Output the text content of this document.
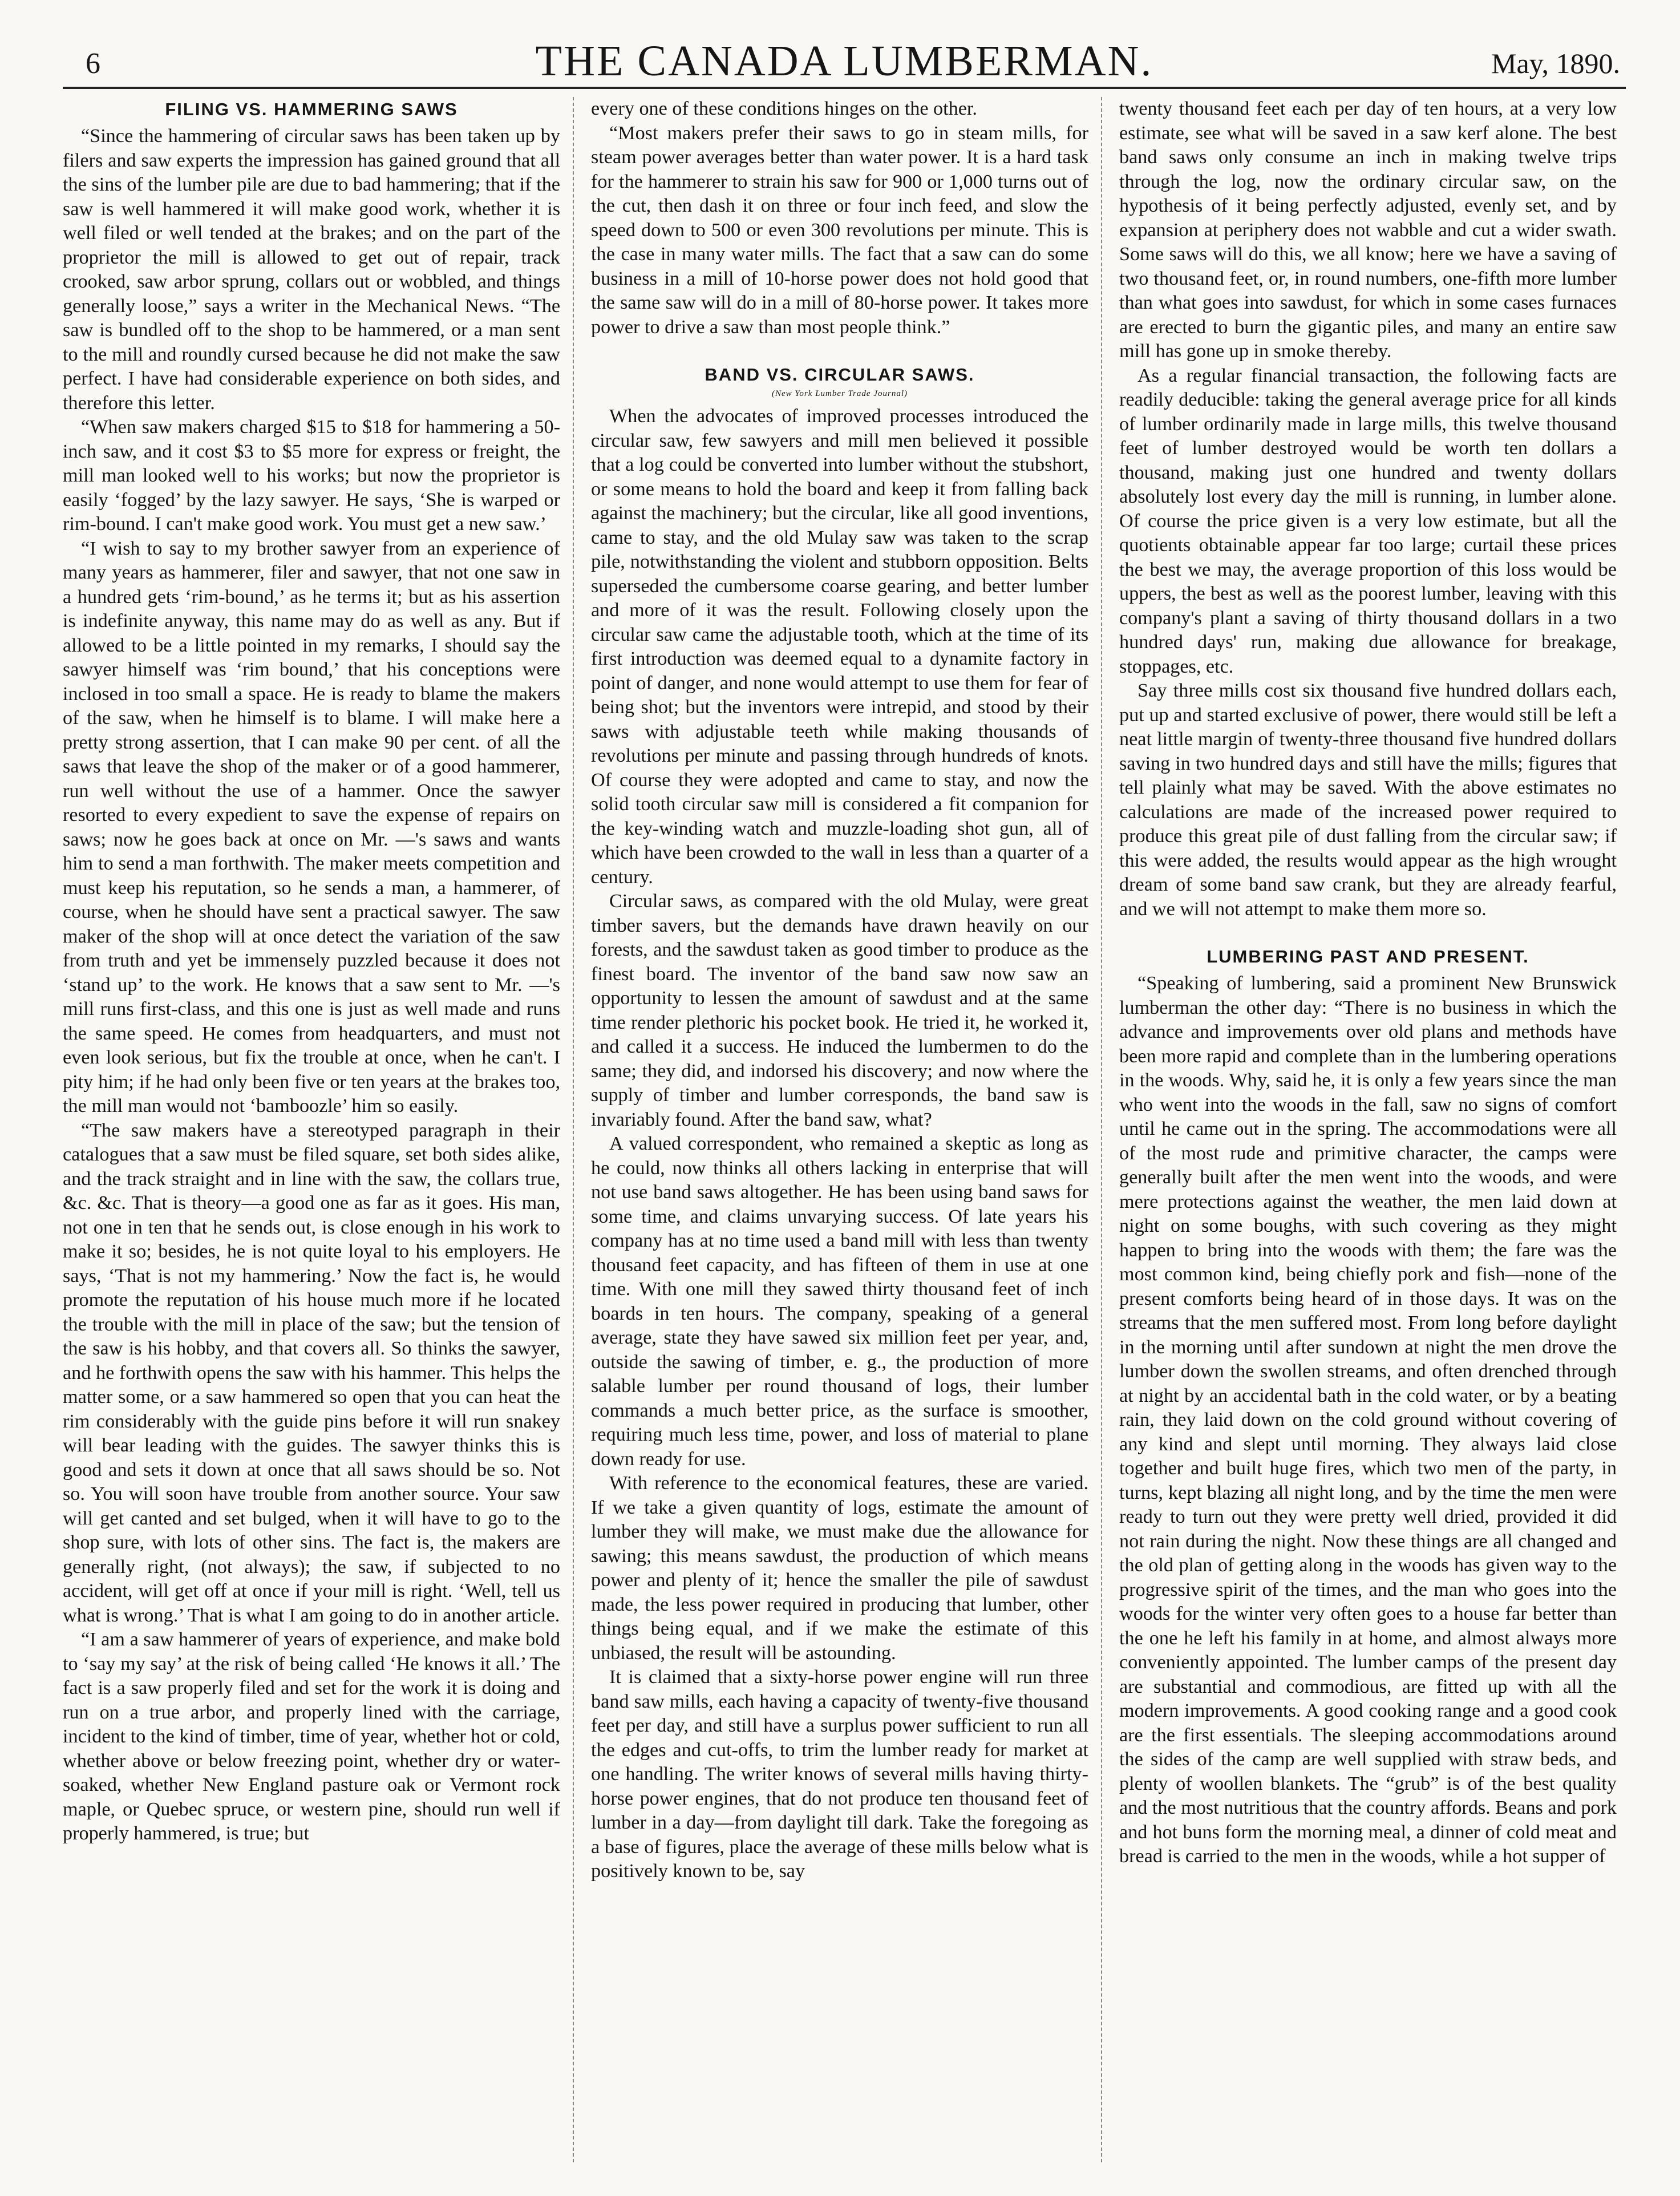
6	THE CANADA LUMBERMAN.	May, 1890.
FILING VS. HAMMERING SAWS

“Since the hammering of circular saws has been taken up by filers and saw experts the impression has gained ground that all the sins of the lumber pile are due to bad hammering; that if the saw is well hammered it will make good work, whether it is well filed or well tended at the brakes; and on the part of the proprietor the mill is allowed to get out of repair, track crooked, saw arbor sprung, collars out or wobbled, and things generally loose,” says a writer in the Mechanical News. “The saw is bundled off to the shop to be hammered, or a man sent to the mill and roundly cursed because he did not make the saw perfect. I have had considerable experience on both sides, and therefore this letter.

“When saw makers charged $15 to $18 for hammering a 50-inch saw, and it cost $3 to $5 more for express or freight, the mill man looked well to his works; but now the proprietor is easily ‘fogged’ by the lazy sawyer. He says, ‘She is warped or rim-bound. I can't make good work. You must get a new saw.’

“I wish to say to my brother sawyer from an experience of many years as hammerer, filer and sawyer, that not one saw in a hundred gets ‘rim-bound,’ as he terms it; but as his assertion is indefinite anyway, this name may do as well as any. But if allowed to be a little pointed in my remarks, I should say the sawyer himself was ‘rim bound,’ that his conceptions were inclosed in too small a space. He is ready to blame the makers of the saw, when he himself is to blame. I will make here a pretty strong assertion, that I can make 90 per cent. of all the saws that leave the shop of the maker or of a good hammerer, run well without the use of a hammer. Once the sawyer resorted to every expedient to save the expense of repairs on saws; now he goes back at once on Mr. —'s saws and wants him to send a man forthwith. The maker meets competition and must keep his reputation, so he sends a man, a hammerer, of course, when he should have sent a practical sawyer. The saw maker of the shop will at once detect the variation of the saw from truth and yet be immensely puzzled because it does not ‘stand up’ to the work. He knows that a saw sent to Mr. —'s mill runs first-class, and this one is just as well made and runs the same speed. He comes from headquarters, and must not even look serious, but fix the trouble at once, when he can't. I pity him; if he had only been five or ten years at the brakes too, the mill man would not ‘bamboozle’ him so easily.

“The saw makers have a stereotyped paragraph in their catalogues that a saw must be filed square, set both sides alike, and the track straight and in line with the saw, the collars true, &c. &c. That is theory—a good one as far as it goes. His man, not one in ten that he sends out, is close enough in his work to make it so; besides, he is not quite loyal to his employers. He says, ‘That is not my hammering.’ Now the fact is, he would promote the reputation of his house much more if he located the trouble with the mill in place of the saw; but the tension of the saw is his hobby, and that covers all. So thinks the sawyer, and he forthwith opens the saw with his hammer. This helps the matter some, or a saw hammered so open that you can heat the rim considerably with the guide pins before it will run snakey will bear leading with the guides. The sawyer thinks this is good and sets it down at once that all saws should be so. Not so. You will soon have trouble from another source. Your saw will get canted and set bulged, when it will have to go to the shop sure, with lots of other sins. The fact is, the makers are generally right, (not always); the saw, if subjected to no accident, will get off at once if your mill is right. ‘Well, tell us what is wrong.’ That is what I am going to do in another article.

“I am a saw hammerer of years of experience, and make bold to ‘say my say’ at the risk of being called ‘He knows it all.’ The fact is a saw properly filed and set for the work it is doing and run on a true arbor, and properly lined with the carriage, incident to the kind of timber, time of year, whether hot or cold, whether above or below freezing point, whether dry or water-soaked, whether New England pasture oak or Vermont rock maple, or Quebec spruce, or western pine, should run well if properly hammered, is true; but

every one of these conditions hinges on the other.

“Most makers prefer their saws to go in steam mills, for steam power averages better than water power. It is a hard task for the hammerer to strain his saw for 900 or 1,000 turns out of the cut, then dash it on three or four inch feed, and slow the speed down to 500 or even 300 revolutions per minute. This is the case in many water mills. The fact that a saw can do some business in a mill of 10-horse power does not hold good that the same saw will do in a mill of 80-horse power. It takes more power to drive a saw than most people think.”

BAND VS. CIRCULAR SAWS.
(New York Lumber Trade Journal)

When the advocates of improved processes introduced the circular saw, few sawyers and mill men believed it possible that a log could be converted into lumber without the stubshort, or some means to hold the board and keep it from falling back against the machinery; but the circular, like all good inventions, came to stay, and the old Mulay saw was taken to the scrap pile, notwithstanding the violent and stubborn opposition. Belts superseded the cumbersome coarse gearing, and better lumber and more of it was the result. Following closely upon the circular saw came the adjustable tooth, which at the time of its first introduction was deemed equal to a dynamite factory in point of danger, and none would attempt to use them for fear of being shot; but the inventors were intrepid, and stood by their saws with adjustable teeth while making thousands of revolutions per minute and passing through hundreds of knots. Of course they were adopted and came to stay, and now the solid tooth circular saw mill is considered a fit companion for the key-winding watch and muzzle-loading shot gun, all of which have been crowded to the wall in less than a quarter of a century.

Circular saws, as compared with the old Mulay, were great timber savers, but the demands have drawn heavily on our forests, and the sawdust taken as good timber to produce as the finest board. The inventor of the band saw now saw an opportunity to lessen the amount of sawdust and at the same time render plethoric his pocket book. He tried it, he worked it, and called it a success. He induced the lumbermen to do the same; they did, and indorsed his discovery; and now where the supply of timber and lumber corresponds, the band saw is invariably found. After the band saw, what?

A valued correspondent, who remained a skeptic as long as he could, now thinks all others lacking in enterprise that will not use band saws altogether. He has been using band saws for some time, and claims unvarying success. Of late years his company has at no time used a band mill with less than twenty thousand feet capacity, and has fifteen of them in use at one time. With one mill they sawed thirty thousand feet of inch boards in ten hours. The company, speaking of a general average, state they have sawed six million feet per year, and, outside the sawing of timber, e. g., the production of more salable lumber per round thousand of logs, their lumber commands a much better price, as the surface is smoother, requiring much less time, power, and loss of material to plane down ready for use.

With reference to the economical features, these are varied. If we take a given quantity of logs, estimate the amount of lumber they will make, we must make due the allowance for sawing; this means sawdust, the production of which means power and plenty of it; hence the smaller the pile of sawdust made, the less power required in producing that lumber, other things being equal, and if we make the estimate of this unbiased, the result will be astounding.

It is claimed that a sixty-horse power engine will run three band saw mills, each having a capacity of twenty-five thousand feet per day, and still have a surplus power sufficient to run all the edges and cut-offs, to trim the lumber ready for market at one handling. The writer knows of several mills having thirty-horse power engines, that do not produce ten thousand feet of lumber in a day—from daylight till dark. Take the foregoing as a base of figures, place the average of these mills below what is positively known to be, say

twenty thousand feet each per day of ten hours, at a very low estimate, see what will be saved in a saw kerf alone. The best band saws only consume an inch in making twelve trips through the log, now the ordinary circular saw, on the hypothesis of it being perfectly adjusted, evenly set, and by expansion at periphery does not wabble and cut a wider swath. Some saws will do this, we all know; here we have a saving of two thousand feet, or, in round numbers, one-fifth more lumber than what goes into sawdust, for which in some cases furnaces are erected to burn the gigantic piles, and many an entire saw mill has gone up in smoke thereby.

As a regular financial transaction, the following facts are readily deducible: taking the general average price for all kinds of lumber ordinarily made in large mills, this twelve thousand feet of lumber destroyed would be worth ten dollars a thousand, making just one hundred and twenty dollars absolutely lost every day the mill is running, in lumber alone. Of course the price given is a very low estimate, but all the quotients obtainable appear far too large; curtail these prices the best we may, the average proportion of this loss would be uppers, the best as well as the poorest lumber, leaving with this company's plant a saving of thirty thousand dollars in a two hundred days' run, making due allowance for breakage, stoppages, etc.

Say three mills cost six thousand five hundred dollars each, put up and started exclusive of power, there would still be left a neat little margin of twenty-three thousand five hundred dollars saving in two hundred days and still have the mills; figures that tell plainly what may be saved. With the above estimates no calculations are made of the increased power required to produce this great pile of dust falling from the circular saw; if this were added, the results would appear as the high wrought dream of some band saw crank, but they are already fearful, and we will not attempt to make them more so.

LUMBERING PAST AND PRESENT.

“Speaking of lumbering, said a prominent New Brunswick lumberman the other day: “There is no business in which the advance and improvements over old plans and methods have been more rapid and complete than in the lumbering operations in the woods. Why, said he, it is only a few years since the man who went into the woods in the fall, saw no signs of comfort until he came out in the spring. The accommodations were all of the most rude and primitive character, the camps were generally built after the men went into the woods, and were mere protections against the weather, the men laid down at night on some boughs, with such covering as they might happen to bring into the woods with them; the fare was the most common kind, being chiefly pork and fish—none of the present comforts being heard of in those days. It was on the streams that the men suffered most. From long before daylight in the morning until after sundown at night the men drove the lumber down the swollen streams, and often drenched through at night by an accidental bath in the cold water, or by a beating rain, they laid down on the cold ground without covering of any kind and slept until morning. They always laid close together and built huge fires, which two men of the party, in turns, kept blazing all night long, and by the time the men were ready to turn out they were pretty well dried, provided it did not rain during the night. Now these things are all changed and the old plan of getting along in the woods has given way to the progressive spirit of the times, and the man who goes into the woods for the winter very often goes to a house far better than the one he left his family in at home, and almost always more conveniently appointed. The lumber camps of the present day are substantial and commodious, are fitted up with all the modern improvements. A good cooking range and a good cook are the first essentials. The sleeping accommodations around the sides of the camp are well supplied with straw beds, and plenty of woollen blankets. The “grub” is of the best quality and the most nutritious that the country affords. Beans and pork and hot buns form the morning meal, a dinner of cold meat and bread is carried to the men in the woods, while a hot supper of
